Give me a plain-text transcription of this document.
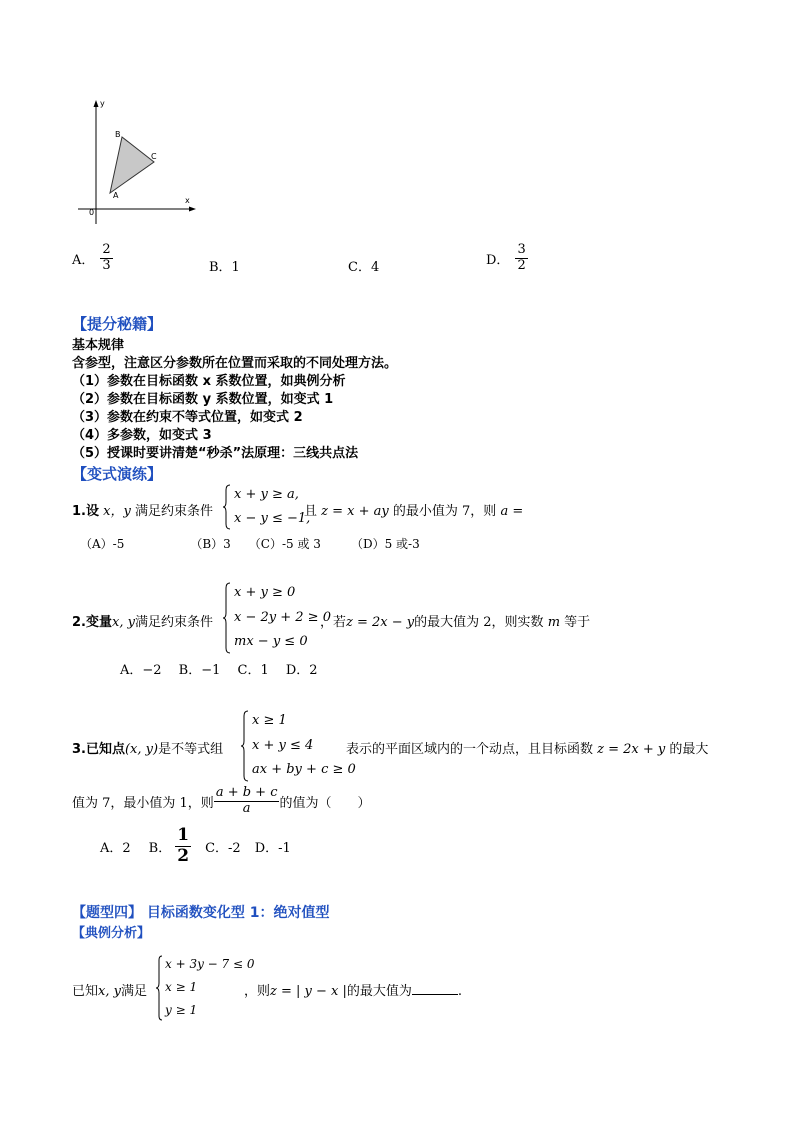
y
x
0
A
B
C
A． $\frac{2}{3}$	B．1	C．4	D． $\frac{3}{2}$
【提分秘籍】
基本规律
含参型，注意区分参数所在位置而采取的不同处理方法。
（1）参数在目标函数 x 系数位置，如典例分析
（2）参数在目标函数 y 系数位置，如变式 1
（3）参数在约束不等式位置，如变式 2
（4）多参数，如变式 3
（5）授课时要讲清楚“秒杀”法原理：三线共点法
【变式演练】
1.设 x，y 满足约束条件
x + y ≥ a,
x − y ≤ −1,
且 z = x + ay 的最小值为 7，则 a =
（A）-5　　　　　　（B）3　　（C）-5 或 3　　　（D）5 或-3
2.变量x, y满足约束条件
x + y ≥ 0
x − 2y + 2 ≥ 0
mx − y ≤ 0
，若z = 2x − y的最大值为 2，则实数 m 等于
A．−2　 B．−1　 C．1　 D．2
3.已知点(x, y)是不等式组
x ≥ 1
x + y ≤ 4
ax + by + c ≥ 0
表示的平面区域内的一个动点，且目标函数 z = 2x + y 的最大
值为 7，最小值为 1，则 $\frac{a + b + c}{a}$ 的值为（　　）
A．2 B． $\frac{1}{2}$ C．-2 D．-1
【题型四】 目标函数变化型 1：绝对值型
【典例分析】
已知x, y满足
x + 3y − 7 ≤ 0
x ≥ 1
y ≥ 1
，则z = | y − x |的最大值为	.
